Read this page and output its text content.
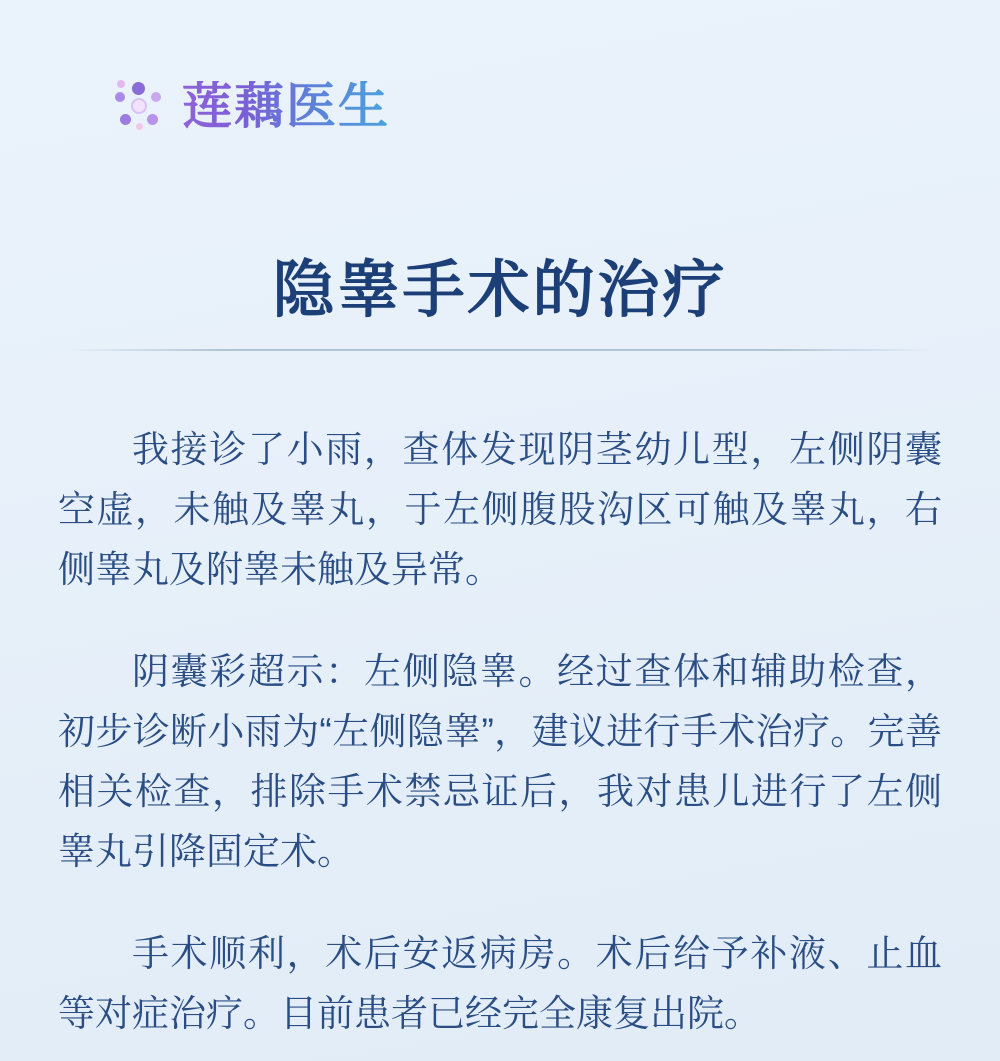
莲藕医生
隐睾手术的治疗

我接诊了小雨，查体发现阴茎幼儿型，左侧阴囊空虚，未触及睾丸，于左侧腹股沟区可触及睾丸，右侧睾丸及附睾未触及异常。

阴囊彩超示：左侧隐睾。经过查体和辅助检查，初步诊断小雨为“左侧隐睾”，建议进行手术治疗。完善相关检查，排除手术禁忌证后，我对患儿进行了左侧睾丸引降固定术。

手术顺利，术后安返病房。术后给予补液、止血等对症治疗。目前患者已经完全康复出院。
